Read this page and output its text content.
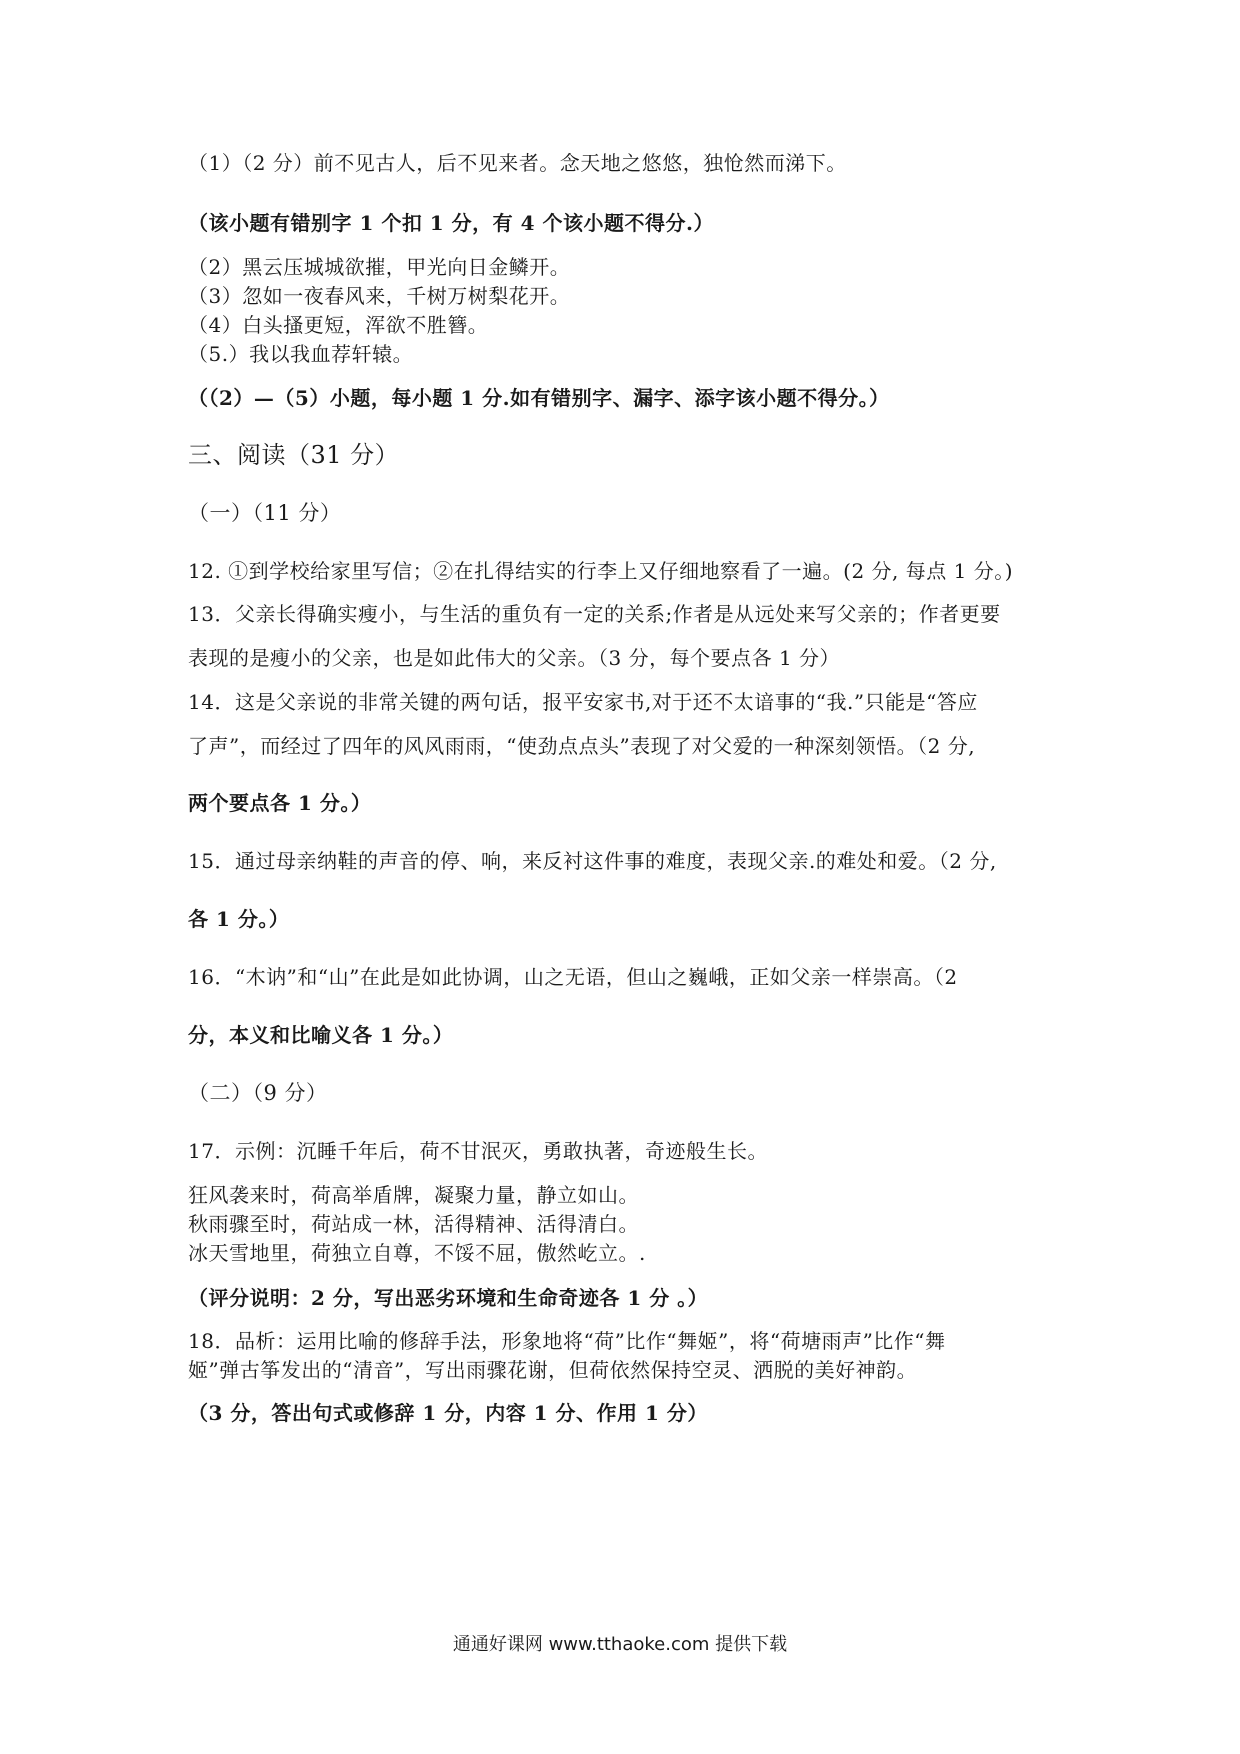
（1）（2 分）前不见古人，后不见来者。念天地之悠悠，独怆然而涕下。
（该小题有错别字 1 个扣 1 分，有 4 个该小题不得分.）
（2）黑云压城城欲摧，甲光向日金鳞开。
（3）忽如一夜春风来，千树万树梨花开。
（4）白头搔更短，浑欲不胜簪。
（5.）我以我血荐轩辕。
（（2）—（5）小题，每小题 1 分.如有错别字、漏字、添字该小题不得分。）
三、阅读（31 分）
（一）（11 分）
12. ①到学校给家里写信；②在扎得结实的行李上又仔细地察看了一遍。(2 分, 每点 1 分。)
13．父亲长得确实瘦小，与生活的重负有一定的关系;作者是从远处来写父亲的；作者更要
表现的是瘦小的父亲，也是如此伟大的父亲。（3 分，每个要点各 1 分）
14．这是父亲说的非常关键的两句话，报平安家书,对于还不太谙事的“我.”只能是“答应
了声”，而经过了四年的风风雨雨，“使劲点点头”表现了对父爱的一种深刻领悟。（2 分,
两个要点各 1 分。）
15．通过母亲纳鞋的声音的停、响，来反衬这件事的难度，表现父亲.的难处和爱。（2 分,
各 1 分。）
16．“木讷”和“山”在此是如此协调，山之无语，但山之巍峨，正如父亲一样崇高。（2
分，本义和比喻义各 1 分。）
（二）（9 分）
17．示例：沉睡千年后，荷不甘泯灭，勇敢执著，奇迹般生长。
狂风袭来时，荷高举盾牌，凝聚力量，静立如山。
秋雨骤至时，荷站成一林，活得精神、活得清白。
冰天雪地里，荷独立自尊，不馁不屈，傲然屹立。.
（评分说明：2 分，写出恶劣环境和生命奇迹各 1 分 。）
18．品析：运用比喻的修辞手法，形象地将“荷”比作“舞姬”，将“荷塘雨声”比作“舞
姬”弹古筝发出的“清音”，写出雨骤花谢，但荷依然保持空灵、洒脱的美好神韵。
（3 分，答出句式或修辞 1 分，内容 1 分、作用 1 分）
通通好课网 www.tthaoke.com 提供下载
